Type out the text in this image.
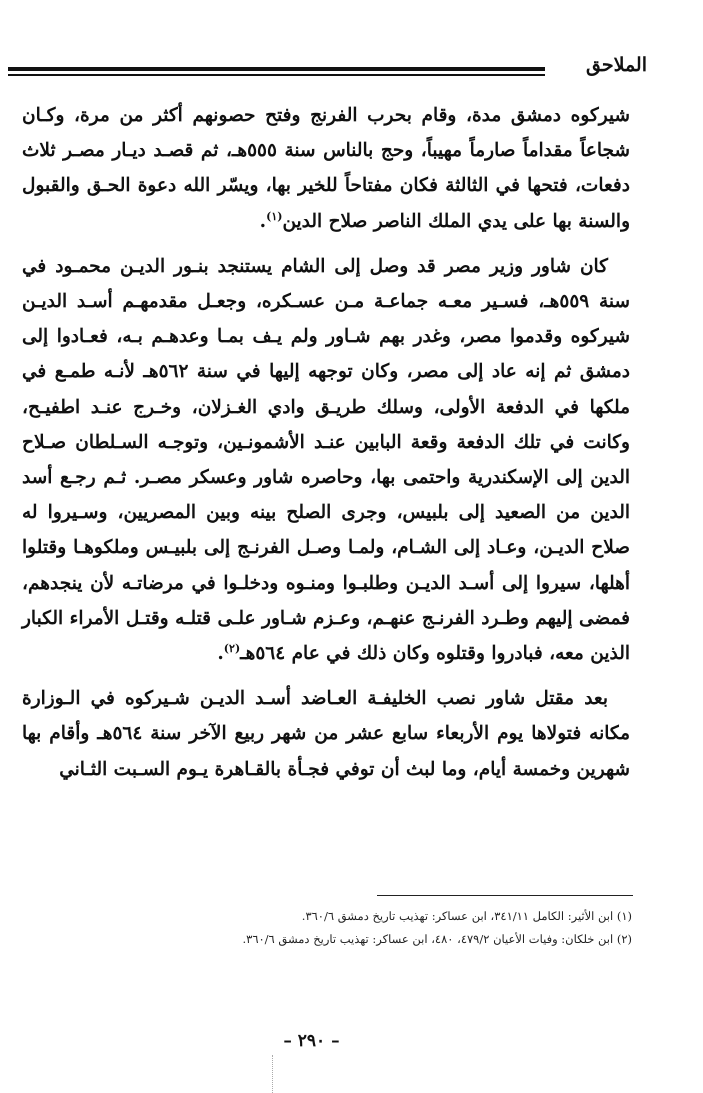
الملاحق

شيركوه دمشق مدة، وقام بحرب الفرنج وفتح حصونهم أكثر من مرة، وكـان شجاعاً مقداماً صارماً مهيباً، وحج بالناس سنة ٥٥٥هـ، ثم قصـد ديـار مصـر ثلاث دفعات، فتحها في الثالثة فكان مفتاحاً للخير بها، ويسّر الله دعوة الحـق والقبول والسنة بها على يدي الملك الناصر صلاح الدين$^{(١)}$.

كان شاور وزير مصر قد وصل إلى الشام يستنجد بنـور الديـن محمـود في سنة ٥٥٩هـ، فسـير معـه جماعـة مـن عسـكره، وجعـل مقدمهـم أسـد الديـن شيركوه وقدموا مصر، وغدر بهم شـاور ولم يـف بمـا وعدهـم بـه، فعـادوا إلى دمشق ثم إنه عاد إلى مصر، وكان توجهه إليها في سنة ٥٦٢هـ لأنـه طمـع في ملكها في الدفعة الأولى، وسلك طريـق وادي الغـزلان، وخـرج عنـد اطفيـح، وكانت في تلك الدفعة وقعة البابين عنـد الأشمونـين، وتوجـه السـلطان صـلاح الدين إلى الإسكندرية واحتمى بها، وحاصره شاور وعسكر مصـر. ثـم رجـع أسد الدين من الصعيد إلى بلبيس، وجرى الصلح بينه وبين المصريين، وسـيروا له صلاح الديـن، وعـاد إلى الشـام، ولمـا وصـل الفرنـج إلى بلبيـس وملكوهـا وقتلوا أهلها، سيروا إلى أسـد الديـن وطلبـوا ومنـوه ودخلـوا في مرضاتـه لأن ينجدهم، فمضى إليهم وطـرد الفرنـج عنهـم، وعـزم شـاور علـى قتلـه وقتـل الأمراء الكبار الذين معه، فبادروا وقتلوه وكان ذلك في عام ٥٦٤هـ$^{(٢)}$.

بعد مقتل شاور نصب الخليفـة العـاضد أسـد الديـن شـيركوه في الـوزارة مكانه فتولاها يوم الأربعاء سابع عشر من شهر ربيع الآخر سنة ٥٦٤هـ وأقام بها شهرين وخمسة أيام، وما لبث أن توفي فجـأة بالقـاهرة يـوم السـبت الثـاني

(١) ابن الأثير: الكامل ٣٤١/١١، ابن عساكر: تهذيب تاريخ دمشق ٣٦٠/٦.
(٢) ابن خلكان: وفيات الأعيان ٤٧٩/٢، ٤٨٠، ابن عساكر: تهذيب تاريخ دمشق ٣٦٠/٦.
– ٢٩٠ –
